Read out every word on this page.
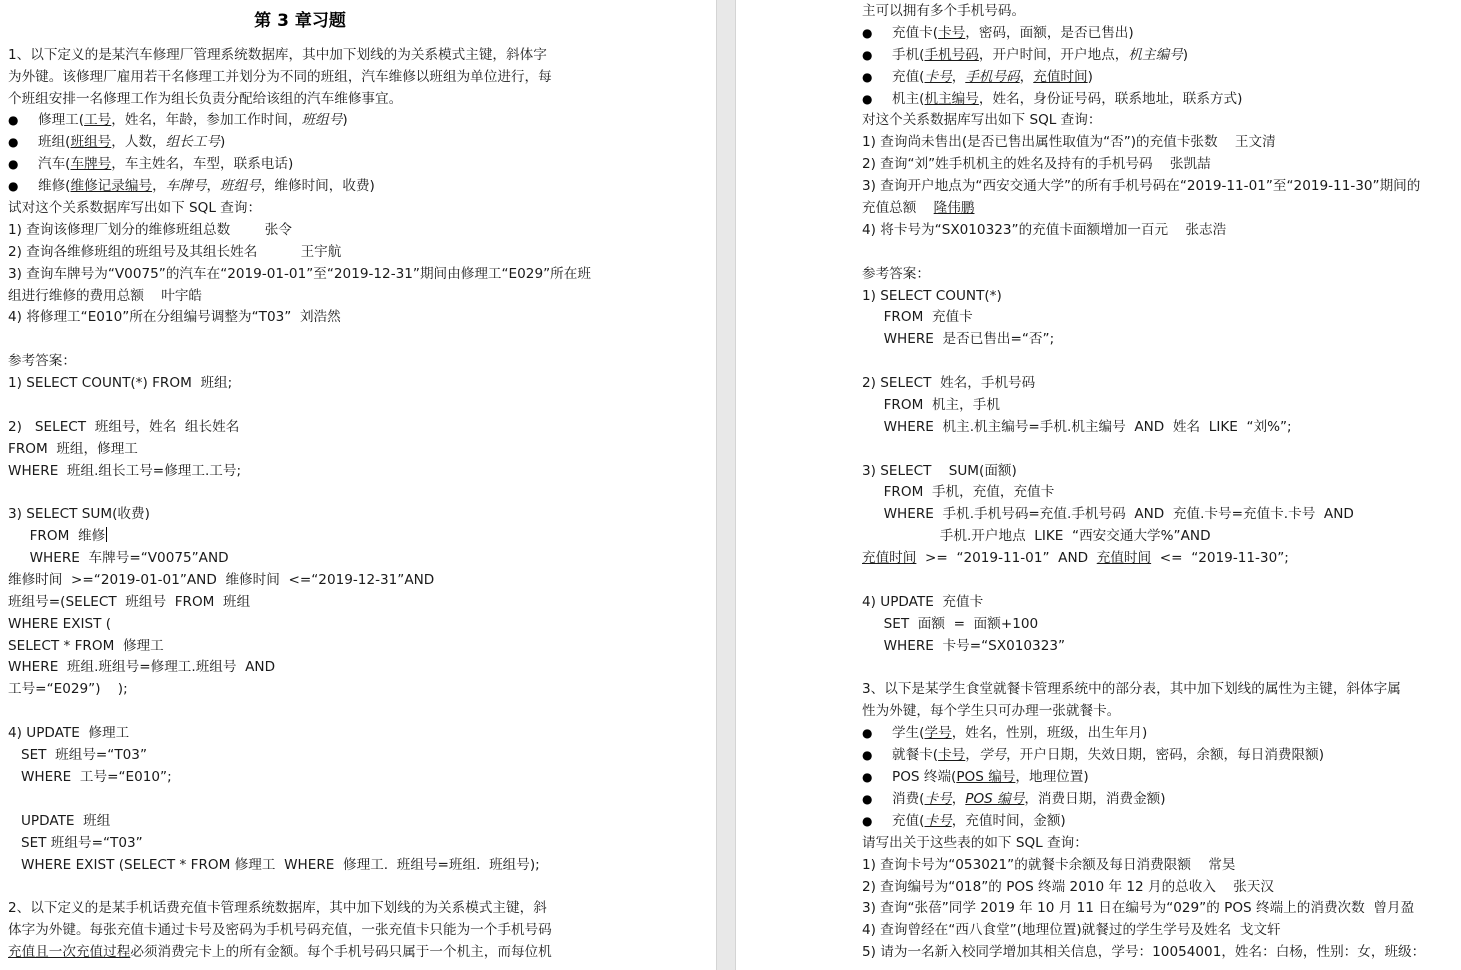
第 3 章习题
1、以下定义的是某汽车修理厂管理系统数据库，其中加下划线的为关系模式主键，斜体字
为外键。该修理厂雇用若干名修理工并划分为不同的班组，汽车维修以班组为单位进行，每
个班组安排一名修理工作为组长负责分配给该组的汽车维修事宜。
● 修理工(工号，姓名，年龄，参加工作时间，班组号)
● 班组(班组号，人数，组长工号)
● 汽车(车牌号，车主姓名，车型，联系电话)
● 维修(维修记录编号，车牌号，班组号，维修时间，收费)
试对这个关系数据库写出如下 SQL 查询：
1) 查询该修理厂划分的维修班组总数        张令
2) 查询各维修班组的班组号及其组长姓名          王宇航
3) 查询车牌号为“V0075”的汽车在“2019-01-01”至“2019-12-31”期间由修理工“E029”所在班
组进行维修的费用总额    叶宇皓
4) 将修理工“E010”所在分组编号调整为“T03”  刘浩然
参考答案：
1) SELECT COUNT(*) FROM  班组;
2)   SELECT  班组号，姓名  组长姓名
FROM  班组，修理工
WHERE  班组.组长工号=修理工.工号;
3) SELECT SUM(收费)
FROM  维修
WHERE  车牌号=“V0075”AND
维修时间  >=“2019-01-01”AND  维修时间  <=“2019-12-31”AND
班组号=(SELECT  班组号  FROM  班组
WHERE EXIST (
SELECT * FROM  修理工
WHERE  班组.班组号=修理工.班组号  AND
工号=“E029”)    );
4) UPDATE  修理工
SET  班组号=“T03”
WHERE  工号=“E010”;
UPDATE  班组
SET 班组号=“T03”
WHERE EXIST (SELECT * FROM 修理工  WHERE  修理工.  班组号=班组.  班组号);
2、以下定义的是某手机话费充值卡管理系统数据库，其中加下划线的为关系模式主键，斜
体字为外键。每张充值卡通过卡号及密码为手机号码充值，一张充值卡只能为一个手机号码
充值且一次充值过程必须消费完卡上的所有金额。每个手机号码只属于一个机主，而每位机
主可以拥有多个手机号码。
● 充值卡(卡号，密码，面额，是否已售出)
● 手机(手机号码，开户时间，开户地点，机主编号)
● 充值(卡号，手机号码，充值时间)
● 机主(机主编号，姓名，身份证号码，联系地址，联系方式)
对这个关系数据库写出如下 SQL 查询：
1) 查询尚未售出(是否已售出属性取值为“否”)的充值卡张数    王文清
2) 查询“刘”姓手机机主的姓名及持有的手机号码    张凯喆
3) 查询开户地点为“西安交通大学”的所有手机号码在“2019-11-01”至“2019-11-30”期间的
充值总额    隆伟鹏
4) 将卡号为“SX010323”的充值卡面额增加一百元    张志浩
参考答案：
1) SELECT COUNT(*)
FROM  充值卡
WHERE  是否已售出=“否”;
2) SELECT  姓名，手机号码
FROM  机主，手机
WHERE  机主.机主编号=手机.机主编号  AND  姓名  LIKE  “刘%”;
3) SELECT    SUM(面额)
FROM  手机，充值，充值卡
WHERE  手机.手机号码=充值.手机号码  AND  充值.卡号=充值卡.卡号  AND
手机.开户地点  LIKE  “西安交通大学%”AND
充值时间  >=  “2019-11-01”  AND  充值时间  <=  “2019-11-30”;
4) UPDATE  充值卡
SET  面额  =  面额+100
WHERE  卡号=“SX010323”
3、以下是某学生食堂就餐卡管理系统中的部分表，其中加下划线的属性为主键，斜体字属
性为外键，每个学生只可办理一张就餐卡。
● 学生(学号，姓名，性别，班级，出生年月)
● 就餐卡(卡号，学号，开户日期，失效日期，密码，余额，每日消费限额)
● POS 终端(POS 编号，地理位置)
● 消费(卡号，POS 编号，消费日期，消费金额)
● 充值(卡号，充值时间，金额)
请写出关于这些表的如下 SQL 查询：
1) 查询卡号为“053021”的就餐卡余额及每日消费限额    常昊
2) 查询编号为“018”的 POS 终端 2010 年 12 月的总收入    张天汉
3) 查询“张蓓”同学 2019 年 10 月 11 日在编号为“029”的 POS 终端上的消费次数  曾月盈
4) 查询曾经在“西八食堂”(地理位置)就餐过的学生学号及姓名  戈文轩
5) 请为一名新入校同学增加其相关信息，学号：10054001，姓名：白杨，性别：女，班级：
